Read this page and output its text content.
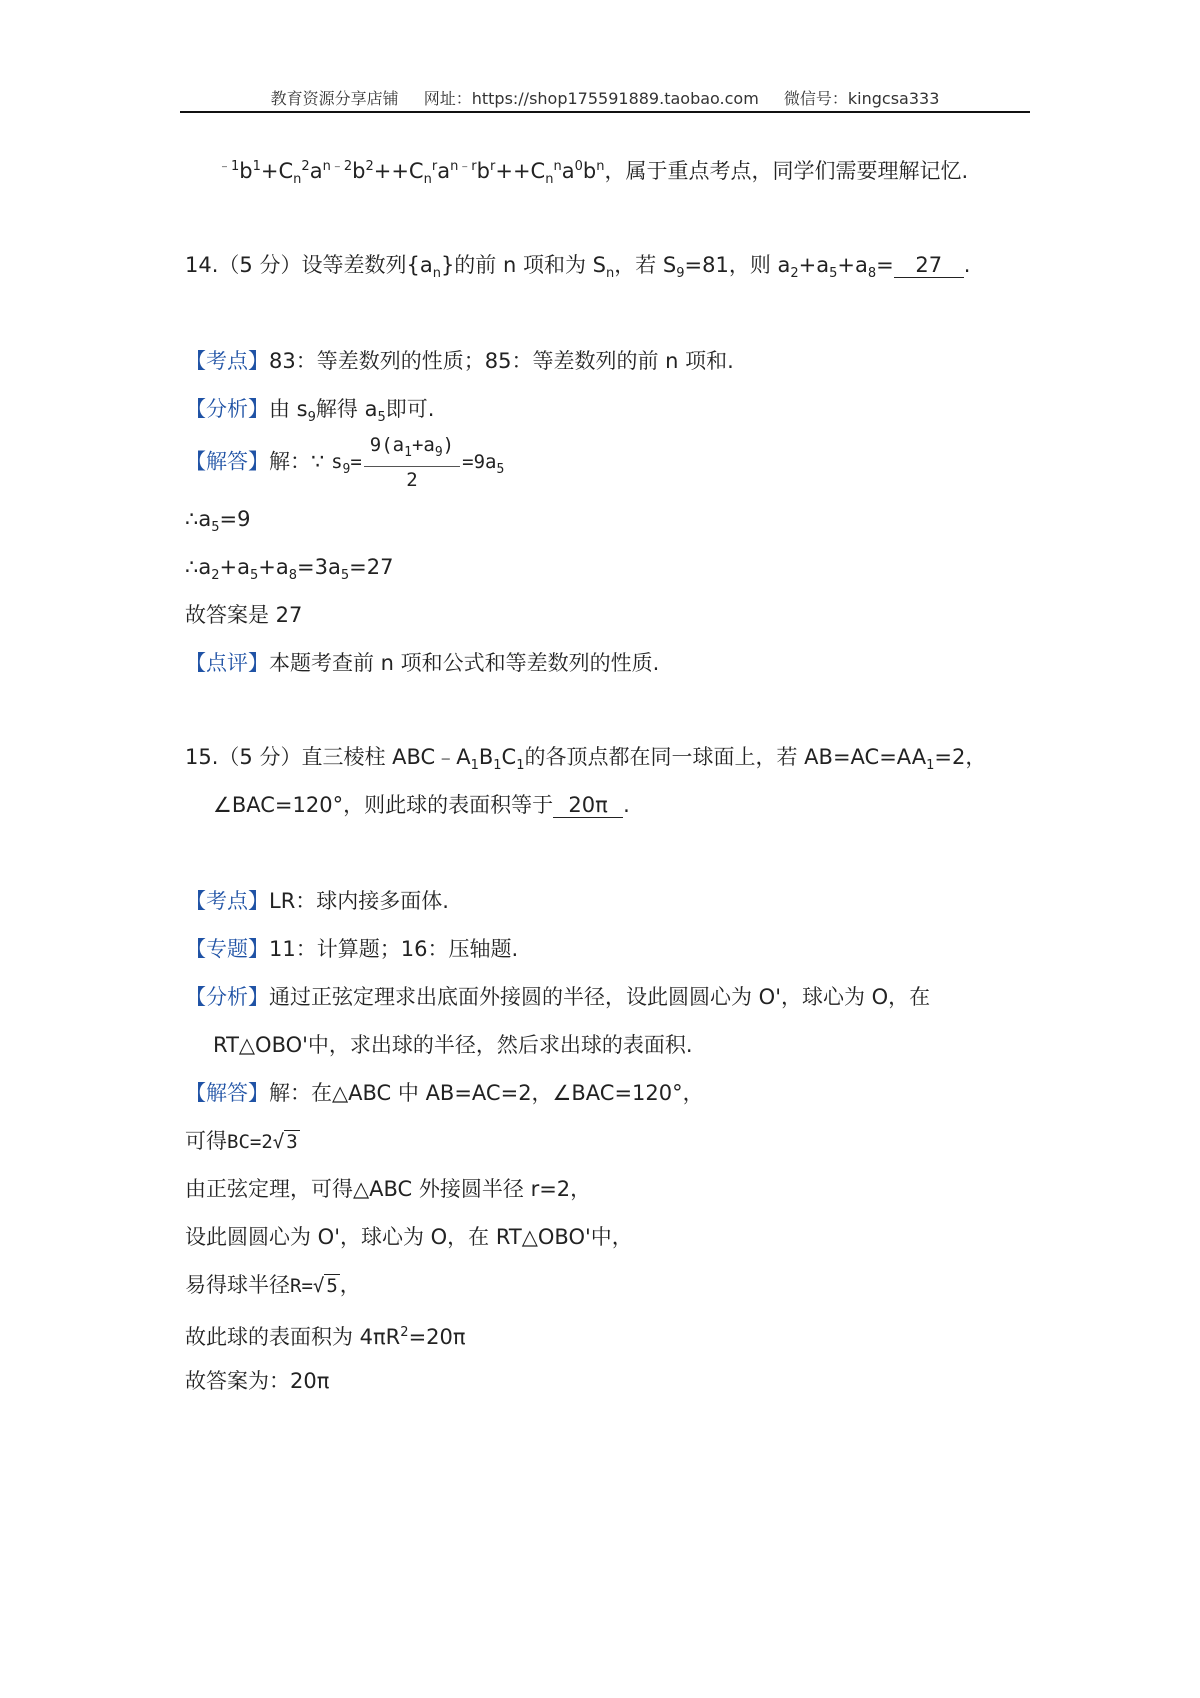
教育资源分享店铺 网址：https://shop175591889.taobao.com 微信号：kingcsa333
$^{﹣1}b^1+C_n^2a^{n﹣2}b^2++C_n^ra^{n﹣r}b^r++C_n^na^0b^n$，属于重点考点，同学们需要理解记忆.
14.（5 分）设等差数列$\{a_n\}$的前 n 项和为 $S_n$，若 $S_9=81$，则 $a_2+a_5+a_8= 27$ .
【考点】83：等差数列的性质；85：等差数列的前 n 项和.
【分析】由 $s_9$解得 $a_5$即可.
【解答】解：∵ $s_9= \frac{9(a_1+a_9)}{2} =9a_5$
$\therefore a_5=9$
$\therefore a_2+a_5+a_8=3a_5=27$
故答案是 27
【点评】本题考查前 n 项和公式和等差数列的性质.
15.（5 分）直三棱柱 $ABC﹣A_1B_1C_1$的各顶点都在同一球面上，若 $AB=AC=AA_1=2$，
∠BAC=120°，则此球的表面积等于 20π .
【考点】LR：球内接多面体.
【专题】11：计算题；16：压轴题.
【分析】通过正弦定理求出底面外接圆的半径，设此圆圆心为 O'，球心为 O，在
RT△OBO'中，求出球的半径，然后求出球的表面积.
【解答】解：在△ABC 中 AB=AC=2，∠BAC=120°，
可得BC=2√ 3
由正弦定理，可得△ABC 外接圆半径 r=2，
设此圆圆心为 O'，球心为 O，在 RT△OBO'中，
易得球半径R=√ 5，
故此球的表面积为 $4\pi R^2=20\pi$
故答案为：20π
